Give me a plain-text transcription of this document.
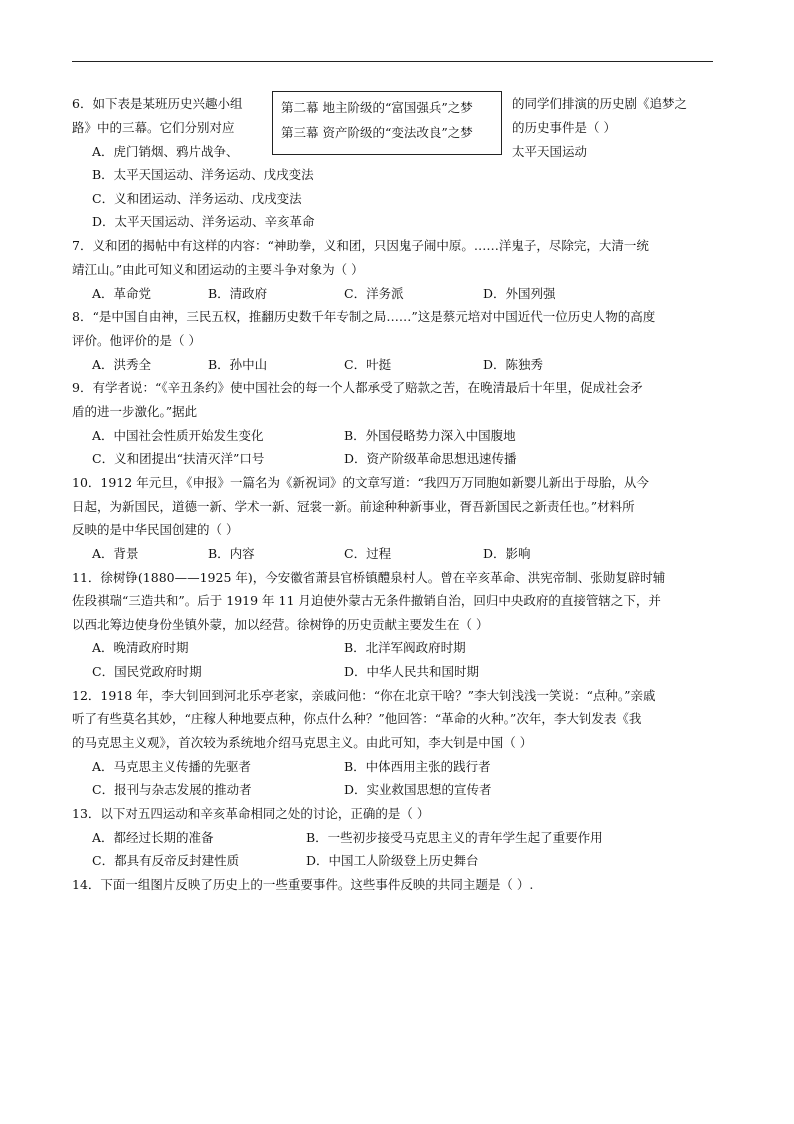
6．如下表是某班历史兴趣小组
路》中的三幕。它们分别对应
第二幕 地主阶级的“富国强兵”之梦
第三幕 资产阶级的“变法改良”之梦
的同学们排演的历史剧《追梦之
的历史事件是（ ）
A．虎门销烟、鸦片战争、	太平天国运动
B．太平天国运动、洋务运动、戊戌变法
C．义和团运动、洋务运动、戊戌变法
D．太平天国运动、洋务运动、辛亥革命
7．义和团的揭帖中有这样的内容：“神助拳，义和团，只因鬼子闹中原。……洋鬼子，尽除完，大清一统
靖江山。”由此可知义和团运动的主要斗争对象为（ ）
A．革命党	B．清政府	C．洋务派	D．外国列强
8．“是中国自由神，三民五权，推翻历史数千年专制之局……”这是蔡元培对中国近代一位历史人物的高度
评价。他评价的是（ ）
A．洪秀全	B．孙中山	C．叶挺	D．陈独秀
9．有学者说：“《辛丑条约》使中国社会的每一个人都承受了赔款之苦，在晚清最后十年里，促成社会矛
盾的进一步激化。”据此
A．中国社会性质开始发生变化	B．外国侵略势力深入中国腹地
C．义和团提出“扶清灭洋”口号	D．资产阶级革命思想迅速传播
10．1912 年元旦，《申报》一篇名为《新祝词》的文章写道：“我四万万同胞如新婴儿新出于母胎，从今
日起，为新国民，道德一新、学术一新、冠裳一新。前途种种新事业，胥吾新国民之新责任也。”材料所
反映的是中华民国创建的（ ）
A．背景	B．内容	C．过程	D．影响
11．徐树铮(1880——1925 年)，今安徽省萧县官桥镇醴泉村人。曾在辛亥革命、洪宪帝制、张勋复辟时辅
佐段祺瑞“三造共和”。后于 1919 年 11 月迫使外蒙古无条件撤销自治，回归中央政府的直接管辖之下，并
以西北筹边使身份坐镇外蒙，加以经营。徐树铮的历史贡献主要发生在（ ）
A．晚清政府时期	B．北洋军阀政府时期
C．国民党政府时期	D．中华人民共和国时期
12．1918 年，李大钊回到河北乐亭老家，亲戚问他：“你在北京干啥？”李大钊浅浅一笑说：“点种。”亲戚
听了有些莫名其妙，“庄稼人种地要点种，你点什么种？”他回答：“革命的火种。”次年，李大钊发表《我
的马克思主义观》，首次较为系统地介绍马克思主义。由此可知，李大钊是中国（ ）
A．马克思主义传播的先驱者	B．中体西用主张的践行者
C．报刊与杂志发展的推动者	D．实业救国思想的宣传者
13．以下对五四运动和辛亥革命相同之处的讨论，正确的是（ ）
A．都经过长期的准备	B．一些初步接受马克思主义的青年学生起了重要作用
C．都具有反帝反封建性质	D．中国工人阶级登上历史舞台
14．下面一组图片反映了历史上的一些重要事件。这些事件反映的共同主题是（ ）.
